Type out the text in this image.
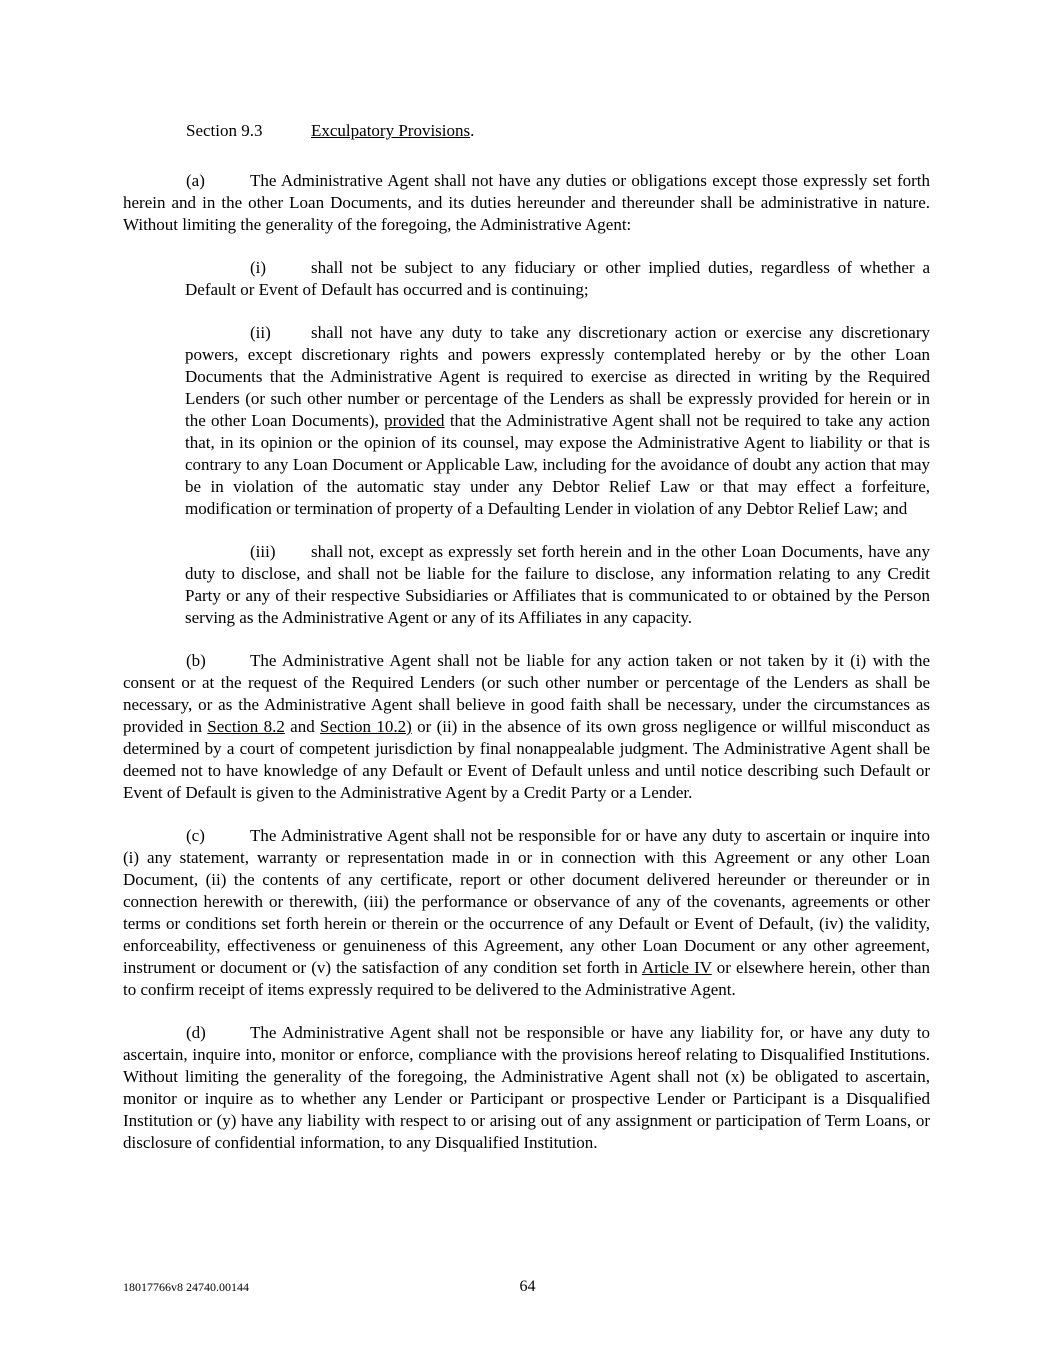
Section 9.3	Exculpatory Provisions.

(a)	The Administrative Agent shall not have any duties or obligations except those expressly set forth herein and in the other Loan Documents, and its duties hereunder and thereunder shall be administrative in nature. Without limiting the generality of the foregoing, the Administrative Agent:

(i)	shall not be subject to any fiduciary or other implied duties, regardless of whether a Default or Event of Default has occurred and is continuing;

(ii) shall not have any duty to take any discretionary action or exercise any discretionary powers, except discretionary rights and powers expressly contemplated hereby or by the other Loan Documents that the Administrative Agent is required to exercise as directed in writing by the Required Lenders (or such other number or percentage of the Lenders as shall be expressly provided for herein or in the other Loan Documents), provided that the Administrative Agent shall not be required to take any action that, in its opinion or the opinion of its counsel, may expose the Administrative Agent to liability or that is contrary to any Loan Document or Applicable Law, including for the avoidance of doubt any action that may be in violation of the automatic stay under any Debtor Relief Law or that may effect a forfeiture, modification or termination of property of a Defaulting Lender in violation of any Debtor Relief Law; and

(iii) shall not, except as expressly set forth herein and in the other Loan Documents, have any duty to disclose, and shall not be liable for the failure to disclose, any information relating to any Credit Party or any of their respective Subsidiaries or Affiliates that is communicated to or obtained by the Person serving as the Administrative Agent or any of its Affiliates in any capacity.

(b)	The Administrative Agent shall not be liable for any action taken or not taken by it (i) with the consent or at the request of the Required Lenders (or such other number or percentage of the Lenders as shall be necessary, or as the Administrative Agent shall believe in good faith shall be necessary, under the circumstances as provided in Section 8.2 and Section 10.2) or (ii) in the absence of its own gross negligence or willful misconduct as determined by a court of competent jurisdiction by final nonappealable judgment. The Administrative Agent shall be deemed not to have knowledge of any Default or Event of Default unless and until notice describing such Default or Event of Default is given to the Administrative Agent by a Credit Party or a Lender.

(c)	The Administrative Agent shall not be responsible for or have any duty to ascertain or inquire into (i) any statement, warranty or representation made in or in connection with this Agreement or any other Loan Document, (ii) the contents of any certificate, report or other document delivered hereunder or thereunder or in connection herewith or therewith, (iii) the performance or observance of any of the covenants, agreements or other terms or conditions set forth herein or therein or the occurrence of any Default or Event of Default, (iv) the validity, enforceability, effectiveness or genuineness of this Agreement, any other Loan Document or any other agreement, instrument or document or (v) the satisfaction of any condition set forth in Article IV or elsewhere herein, other than to confirm receipt of items expressly required to be delivered to the Administrative Agent.

(d)	The Administrative Agent shall not be responsible or have any liability for, or have any duty to ascertain, inquire into, monitor or enforce, compliance with the provisions hereof relating to Disqualified Institutions. Without limiting the generality of the foregoing, the Administrative Agent shall not (x) be obligated to ascertain, monitor or inquire as to whether any Lender or Participant or prospective Lender or Participant is a Disqualified Institution or (y) have any liability with respect to or arising out of any assignment or participation of Term Loans, or disclosure of confidential information, to any Disqualified Institution.

18017766v8 24740.00144	64
